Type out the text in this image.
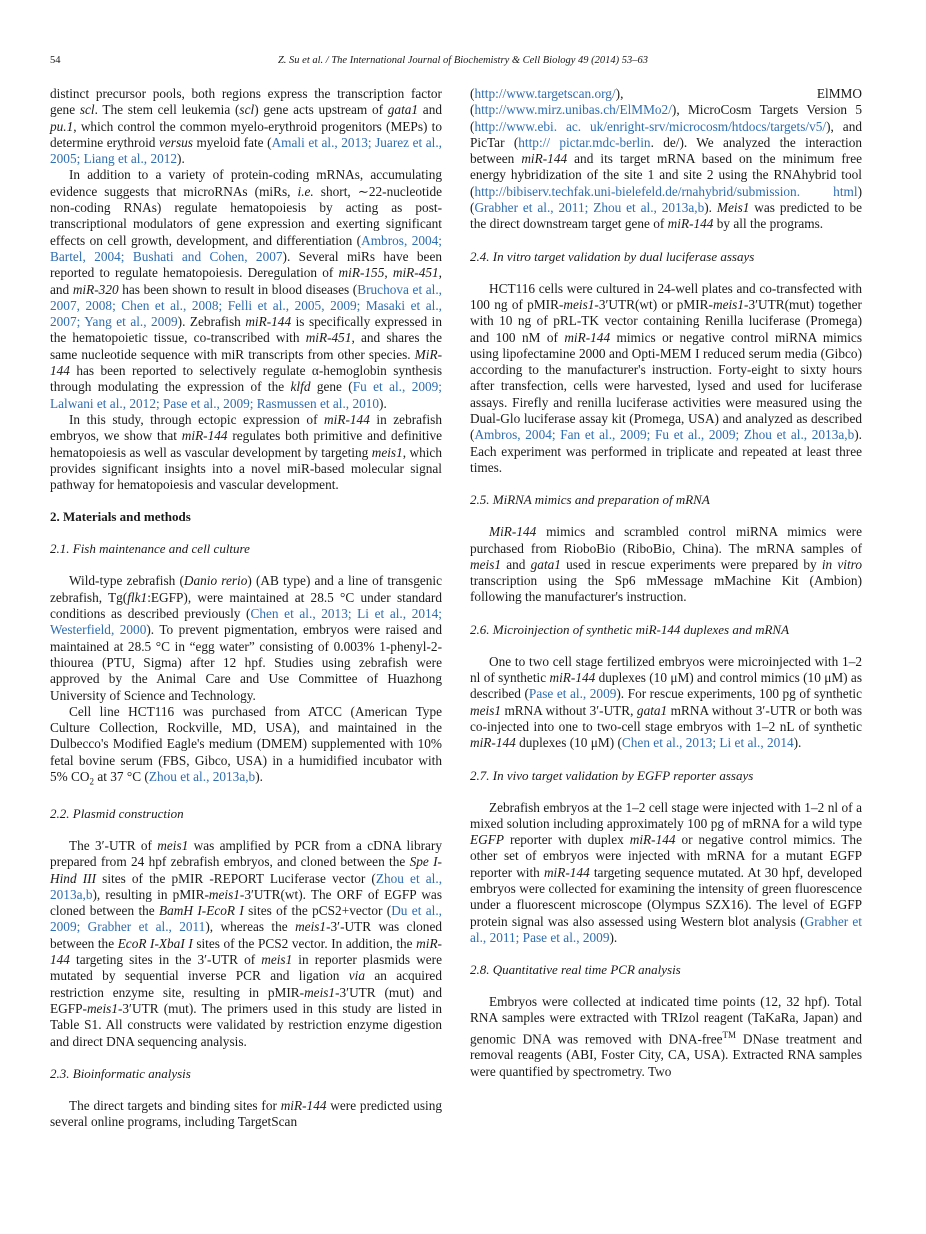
54	Z. Su et al. / The International Journal of Biochemistry & Cell Biology 49 (2014) 53–63

distinct precursor pools, both regions express the transcription factor gene scl. The stem cell leukemia (scl) gene acts upstream of gata1 and pu.1, which control the common myelo-erythroid progenitors (MEPs) to determine erythroid versus myeloid fate (Amali et al., 2013; Juarez et al., 2005; Liang et al., 2012).

In addition to a variety of protein-coding mRNAs, accumulating evidence suggests that microRNAs (miRs, i.e. short, ∼22-nucleotide non-coding RNAs) regulate hematopoiesis by acting as post-transcriptional modulators of gene expression and exerting significant effects on cell growth, development, and differentiation (Ambros, 2004; Bartel, 2004; Bushati and Cohen, 2007). Several miRs have been reported to regulate hematopoiesis. Deregulation of miR-155, miR-451, and miR-320 has been shown to result in blood diseases (Bruchova et al., 2007, 2008; Chen et al., 2008; Felli et al., 2005, 2009; Masaki et al., 2007; Yang et al., 2009). Zebrafish miR-144 is specifically expressed in the hematopoietic tissue, co-transcribed with miR-451, and shares the same nucleotide sequence with miR transcripts from other species. MiR-144 has been reported to selectively regulate α-hemoglobin synthesis through modulating the expression of the klfd gene (Fu et al., 2009; Lalwani et al., 2012; Pase et al., 2009; Rasmussen et al., 2010).

In this study, through ectopic expression of miR-144 in zebrafish embryos, we show that miR-144 regulates both primitive and definitive hematopoiesis as well as vascular development by targeting meis1, which provides significant insights into a novel miR-based molecular signal pathway for hematopoiesis and vascular development.

2. Materials and methods
2.1. Fish maintenance and cell culture

Wild-type zebrafish (Danio rerio) (AB type) and a line of transgenic zebrafish, Tg(flk1:EGFP), were maintained at 28.5 °C under standard conditions as described previously (Chen et al., 2013; Li et al., 2014; Westerfield, 2000). To prevent pigmentation, embryos were raised and maintained at 28.5 °C in “egg water” consisting of 0.003% 1-phenyl-2-thiourea (PTU, Sigma) after 12 hpf. Studies using zebrafish were approved by the Animal Care and Use Committee of Huazhong University of Science and Technology.

Cell line HCT116 was purchased from ATCC (American Type Culture Collection, Rockville, MD, USA), and maintained in the Dulbecco's Modified Eagle's medium (DMEM) supplemented with 10% fetal bovine serum (FBS, Gibco, USA) in a humidified incubator with 5% $CO_2$ at 37 °C (Zhou et al., 2013a,b).

2.2. Plasmid construction

The 3′-UTR of meis1 was amplified by PCR from a cDNA library prepared from 24 hpf zebrafish embryos, and cloned between the Spe I-Hind III sites of the pMIR -REPORT Luciferase vector (Zhou et al., 2013a,b), resulting in pMIR-meis1-3′UTR(wt). The ORF of EGFP was cloned between the BamH I-EcoR I sites of the pCS2+vector (Du et al., 2009; Grabher et al., 2011), whereas the meis1-3′-UTR was cloned between the EcoR I-XbaI I sites of the PCS2 vector. In addition, the miR-144 targeting sites in the 3′-UTR of meis1 in reporter plasmids were mutated by sequential inverse PCR and ligation via an acquired restriction enzyme site, resulting in pMIR-meis1-3′UTR (mut) and EGFP-meis1-3′UTR (mut). The primers used in this study are listed in Table S1. All constructs were validated by restriction enzyme digestion and direct DNA sequencing analysis.

2.3. Bioinformatic analysis

The direct targets and binding sites for miR-144 were predicted using several online programs, including TargetScan

(http://www.targetscan.org/), ElMMO (http://www.mirz.unibas.ch/ElMMo2/), MicroCosm Targets Version 5 (http://www.ebi. ac. uk/enright-srv/microcosm/htdocs/targets/v5/), and PicTar (http:// pictar.mdc-berlin. de/). We analyzed the interaction between miR-144 and its target mRNA based on the minimum free energy hybridization of the site 1 and site 2 using the RNAhybrid tool (http://bibiserv.techfak.uni-bielefeld.de/rnahybrid/submission. html) (Grabher et al., 2011; Zhou et al., 2013a,b). Meis1 was predicted to be the direct downstream target gene of miR-144 by all the programs.

2.4. In vitro target validation by dual luciferase assays

HCT116 cells were cultured in 24-well plates and co-transfected with 100 ng of pMIR-meis1-3′UTR(wt) or pMIR-meis1-3′UTR(mut) together with 10 ng of pRL-TK vector containing Renilla luciferase (Promega) and 100 nM of miR-144 mimics or negative control miRNA mimics using lipofectamine 2000 and Opti-MEM I reduced serum media (Gibco) according to the manufacturer's instruction. Forty-eight to sixty hours after transfection, cells were harvested, lysed and used for luciferase assays. Firefly and renilla luciferase activities were measured using the Dual-Glo luciferase assay kit (Promega, USA) and analyzed as described (Ambros, 2004; Fan et al., 2009; Fu et al., 2009; Zhou et al., 2013a,b). Each experiment was performed in triplicate and repeated at least three times.

2.5. MiRNA mimics and preparation of mRNA

MiR-144 mimics and scrambled control miRNA mimics were purchased from RioboBio (RiboBio, China). The mRNA samples of meis1 and gata1 used in rescue experiments were prepared by in vitro transcription using the Sp6 mMessage mMachine Kit (Ambion) following the manufacturer's instruction.

2.6. Microinjection of synthetic miR-144 duplexes and mRNA

One to two cell stage fertilized embryos were microinjected with 1–2 nl of synthetic miR-144 duplexes (10 μM) and control mimics (10 μM) as described (Pase et al., 2009). For rescue experiments, 100 pg of synthetic meis1 mRNA without 3′-UTR, gata1 mRNA without 3′-UTR or both was co-injected into one to two-cell stage embryos with 1–2 nL of synthetic miR-144 duplexes (10 μM) (Chen et al., 2013; Li et al., 2014).

2.7. In vivo target validation by EGFP reporter assays

Zebrafish embryos at the 1–2 cell stage were injected with 1–2 nl of a mixed solution including approximately 100 pg of mRNA for a wild type EGFP reporter with duplex miR-144 or negative control mimics. The other set of embryos were injected with mRNA for a mutant EGFP reporter with miR-144 targeting sequence mutated. At 30 hpf, developed embryos were collected for examining the intensity of green fluorescence under a fluorescent microscope (Olympus SZX16). The level of EGFP protein signal was also assessed using Western blot analysis (Grabher et al., 2011; Pase et al., 2009).

2.8. Quantitative real time PCR analysis

Embryos were collected at indicated time points (12, 32 hpf). Total RNA samples were extracted with TRIzol reagent (TaKaRa, Japan) and genomic DNA was removed with DNA-free™ DNase treatment and removal reagents (ABI, Foster City, CA, USA). Extracted RNA samples were quantified by spectrometry. Two
